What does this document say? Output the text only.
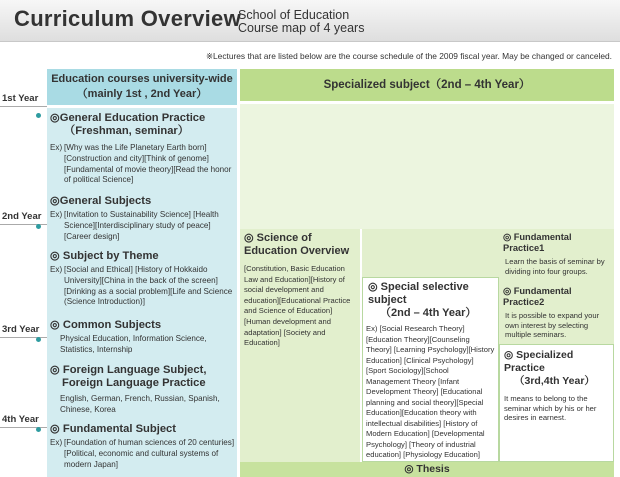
Curriculum Overview
School of Education
Course map of 4 years
※Lectures that are listed below are the course schedule of the 2009 fiscal year. May be changed or canceled.
1st Year
2nd Year
3rd Year
4th Year
Education courses university-wide
（mainly 1st , 2nd Year）
◎General Education Practice
（Freshman, seminar）
Ex) [Why was the Life Planetary Earth born] [Construction and city][Think of genome] [Fundamental of movie theory][Read the honor of political Science]
◎General Subjects
Ex) [Invitation to Sustainability Science] [Health Science][Interdisciplinary study of peace] [Career design]
◎ Subject by Theme
Ex) [Social and Ethical] [History of Hokkaido University][China in the back of the screen] [Drinking as a social problem][Life and Science (Science Introduction)]
◎ Common Subjects
Physical Education, Information Science, Statistics, Internship
◎ Foreign Language Subject,
Foreign Language Practice
English, German, French, Russian, Spanish, Chinese, Korea
◎ Fundamental Subject
Ex) [Foundation of human sciences of 20 centuries][Political, economic and cultural systems of modern Japan]
Specialized subject（2nd – 4th Year）
◎ Science of
Education Overview
[Constitution, Basic Education Law and Education][History of social development and education][Educational Practice and Science of Education] [Human development and adaptation] [Society and Education]
◎ Special selective subject
（2nd – 4th Year）
Ex) [Social Research Theory] [Education Theory][Counseling Theory] [Learning Psychology][History Education] [Clinical Psychology] [Sport Sociology][School Management Theory [Infant Development Theory] [Educational planning and social theory][Special Education][Education theory with intellectual disabilities] [History of Modern Education] [Developmental Psychology] [Theory of industrial education] [Physiology Education]
◎ Fundamental Practice1
Learn the basis of seminar by dividing into four groups.
◎ Fundamental Practice2
It is possible to expand your own interest by selecting multiple seminars.
◎ Specialized Practice
（3rd,4th Year）
It means to belong to the seminar which by his or her desires in earnest.
◎ Thesis
